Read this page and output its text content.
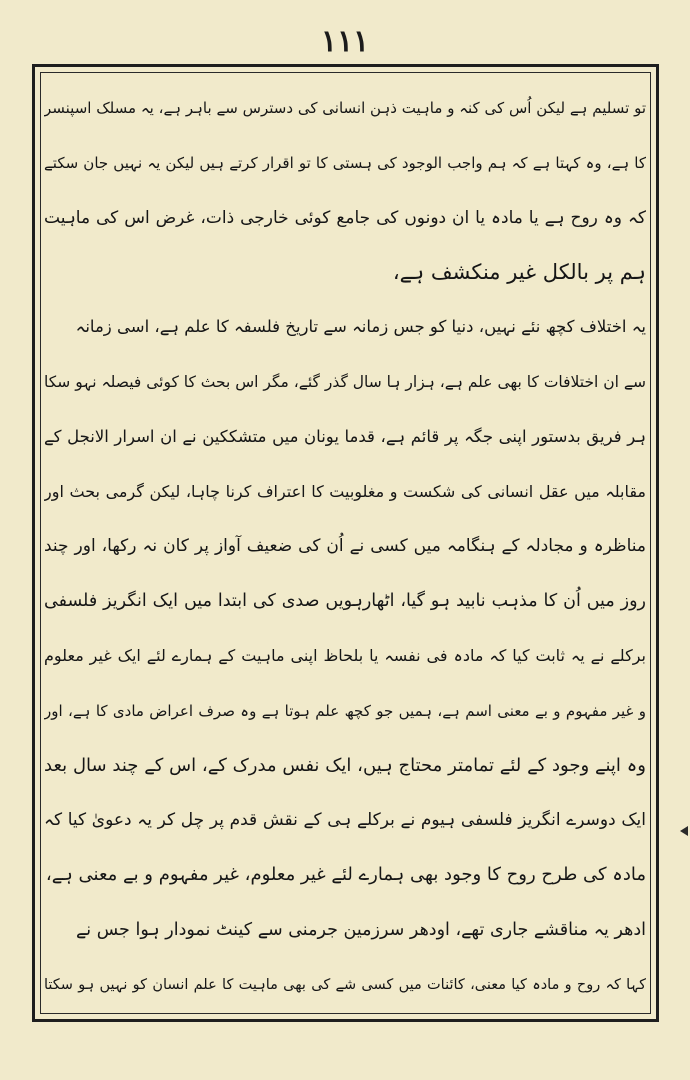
۱۱۱
تو تسلیم ہے لیکن اُس کی کنہ و ماہیت ذہن انسانی کی دسترس سے باہر ہے، یہ مسلک اسپنسر
کا ہے، وہ کہتا ہے کہ ہم واجب الوجود کی ہستی کا تو اقرار کرتے ہیں لیکن یہ نہیں جان سکتے
کہ وہ روح ہے یا مادہ یا ان دونوں کی جامع کوئی خارجی ذات، غرض اس کی ماہیت
ہم پر بالکل غیر منکشف ہے،
یہ اختلاف کچھ نئے نہیں، دنیا کو جس زمانہ سے تاریخ فلسفہ کا علم ہے، اسی زمانہ
سے ان اختلافات کا بھی علم ہے، ہزار ہا سال گذر گئے، مگر اس بحث کا کوئی فیصلہ نہو سکا
ہر فریق بدستور اپنی جگہ پر قائم ہے، قدما یونان میں متشککین نے ان اسرار الانجل کے
مقابلہ میں عقل انسانی کی شکست و مغلوبیت کا اعتراف کرنا چاہا، لیکن گرمی بحث اور
مناظرہ و مجادلہ کے ہنگامہ میں کسی نے اُن کی ضعیف آواز پر کان نہ رکھا، اور چند
روز میں اُن کا مذہب نابید ہو گیا، اٹھارہویں صدی کی ابتدا میں ایک انگریز فلسفی
برکلے نے یہ ثابت کیا کہ مادہ فی نفسہ یا بلحاظ اپنی ماہیت کے ہمارے لئے ایک غیر معلوم
و غیر مفہوم و بے معنی اسم ہے، ہمیں جو کچھ علم ہوتا ہے وہ صرف اعراض مادی کا ہے، اور
وہ اپنے وجود کے لئے تمامتر محتاج ہیں، ایک نفس مدرک کے، اس کے چند سال بعد
ایک دوسرے انگریز فلسفی ہیوم نے برکلے ہی کے نقش قدم پر چل کر یہ دعویٰ کیا کہ
مادہ کی طرح روح کا وجود بھی ہمارے لئے غیر معلوم، غیر مفہوم و بے معنی ہے،
ادھر یہ مناقشے جاری تھے، اودھر سرزمین جرمنی سے کینٹ نمودار ہوا جس نے
کہا کہ روح و مادہ کیا معنی، کائنات میں کسی شے کی بھی ماہیت کا علم انسان کو نہیں ہو سکتا
